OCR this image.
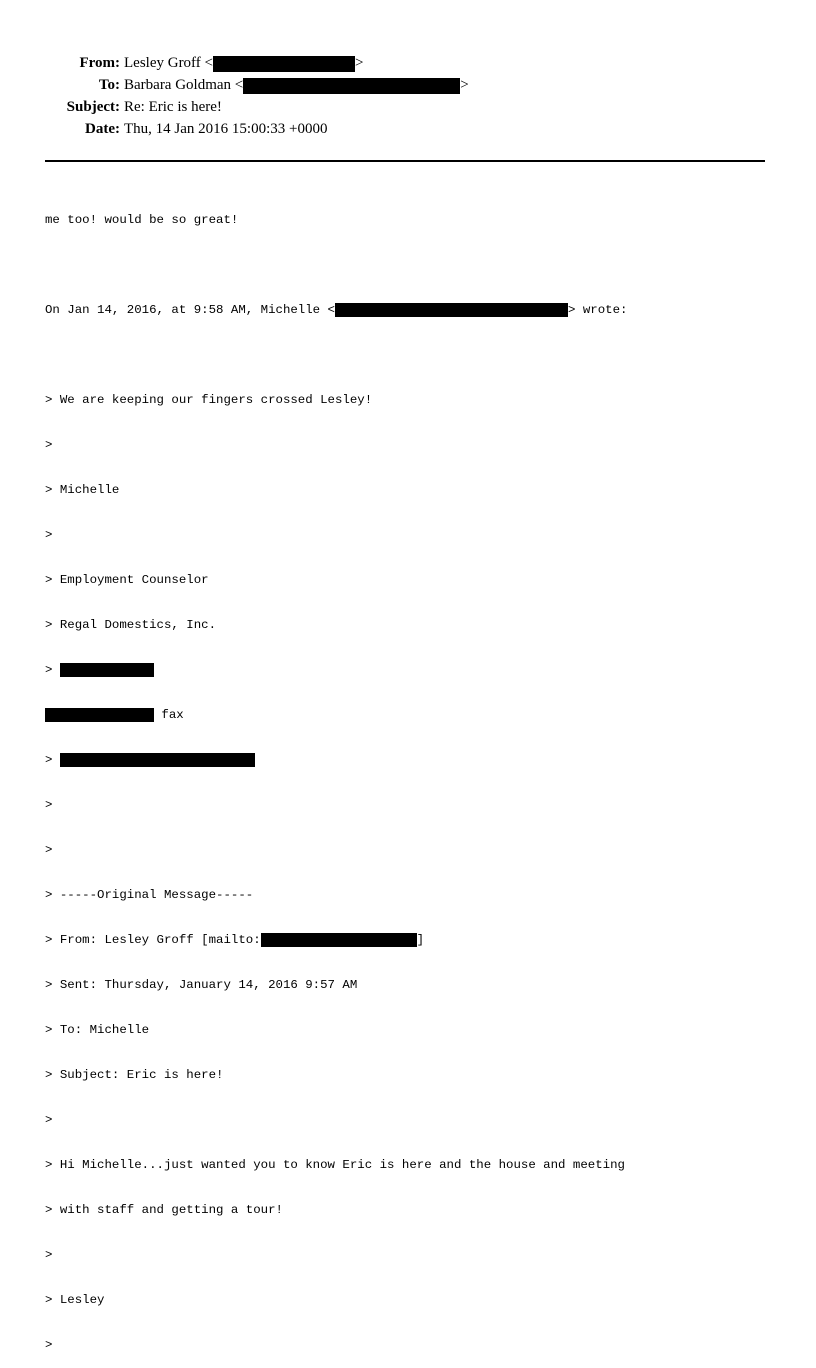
From: Lesley Groff <	>
To: Barbara Goldman <	>
Subject: Re: Eric is here!
Date: Thu, 14 Jan 2016 15:00:33 +0000

me too! would be so great!

On Jan 14, 2016, at 9:58 AM, Michelle <	> wrote:

> We are keeping our fingers crossed Lesley!

>

> Michelle

>

> Employment Counselor

> Regal Domestics, Inc.

>

fax

>

>

>

> -----Original Message-----

> From: Lesley Groff [mailto:	]

> Sent: Thursday, January 14, 2016 9:57 AM

> To: Michelle

> Subject: Eric is here!

>

> Hi Michelle...just wanted you to know Eric is here and the house and meeting

> with staff and getting a tour!

>

> Lesley

>
